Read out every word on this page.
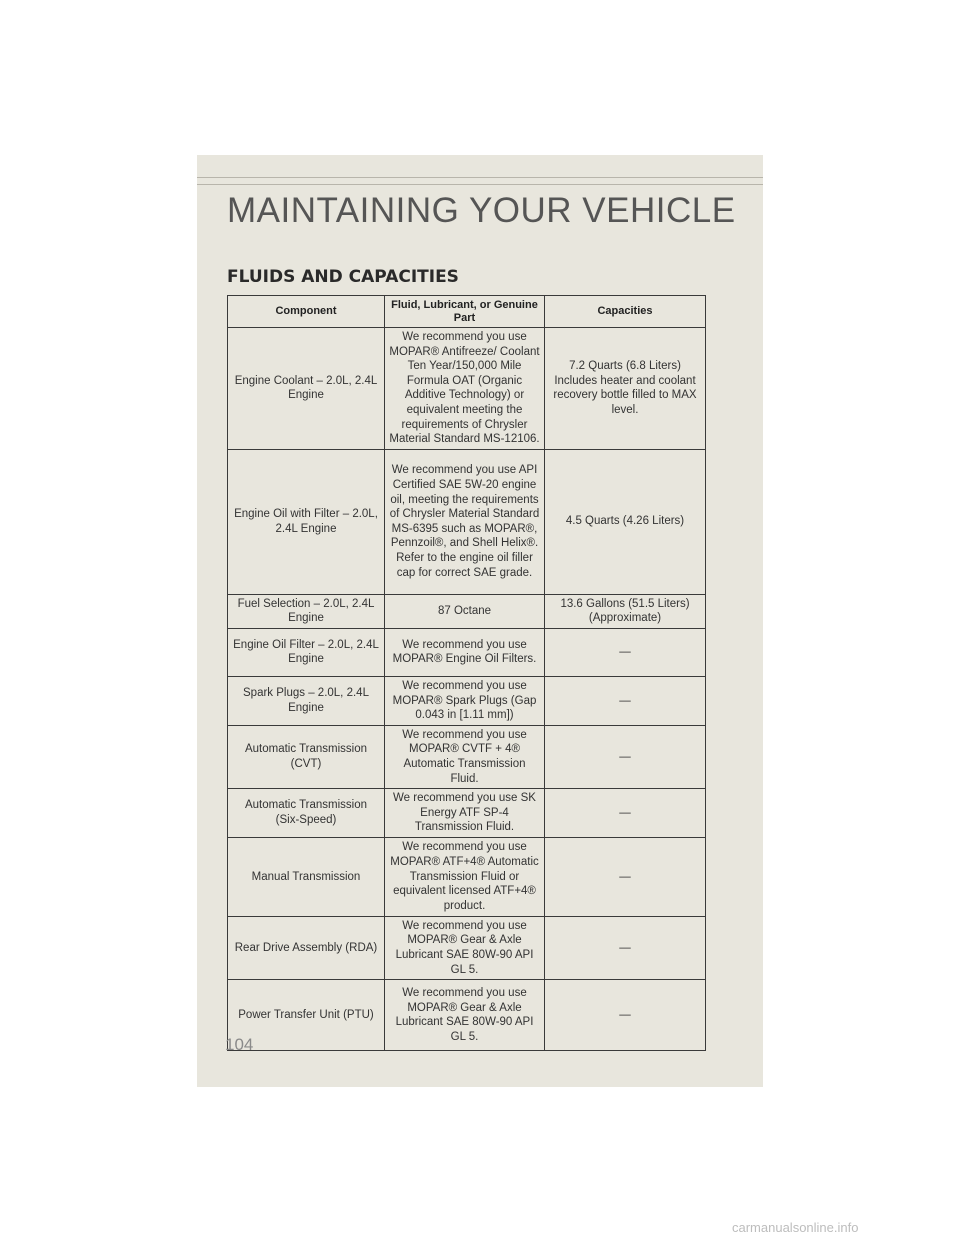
MAINTAINING YOUR VEHICLE
FLUIDS AND CAPACITIES
Component	Fluid, Lubricant, or Genuine Part	Capacities
Engine Coolant – 2.0L, 2.4L Engine	We recommend you use MOPAR® Antifreeze/ Coolant Ten Year/150,000 Mile Formula OAT (Organic Additive Technology) or equivalent meeting the requirements of Chrysler Material Standard MS-12106.	7.2 Quarts (6.8 Liters) Includes heater and coolant recovery bottle filled to MAX level.
Engine Oil with Filter – 2.0L, 2.4L Engine	We recommend you use API Certified SAE 5W-20 engine oil, meeting the requirements of Chrysler Material Standard MS-6395 such as MOPAR®, Pennzoil®, and Shell Helix®. Refer to the engine oil filler cap for correct SAE grade.	4.5 Quarts (4.26 Liters)
Fuel Selection – 2.0L, 2.4L Engine	87 Octane	13.6 Gallons (51.5 Liters) (Approximate)
Engine Oil Filter – 2.0L, 2.4L Engine	We recommend you use MOPAR® Engine Oil Filters.	—
Spark Plugs – 2.0L, 2.4L Engine	We recommend you use MOPAR® Spark Plugs (Gap 0.043 in [1.11 mm])	—
Automatic Transmission (CVT)	We recommend you use MOPAR® CVTF + 4® Automatic Transmission Fluid.	—
Automatic Transmission (Six-Speed)	We recommend you use SK Energy ATF SP-4 Transmission Fluid.	—
Manual Transmission	We recommend you use MOPAR® ATF+4® Automatic Transmission Fluid or equivalent licensed ATF+4® product.	—
Rear Drive Assembly (RDA)	We recommend you use MOPAR® Gear & Axle Lubricant SAE 80W-90 API GL 5.	—
Power Transfer Unit (PTU)	We recommend you use MOPAR® Gear & Axle Lubricant SAE 80W-90 API GL 5.	—
104
carmanualsonline.info
